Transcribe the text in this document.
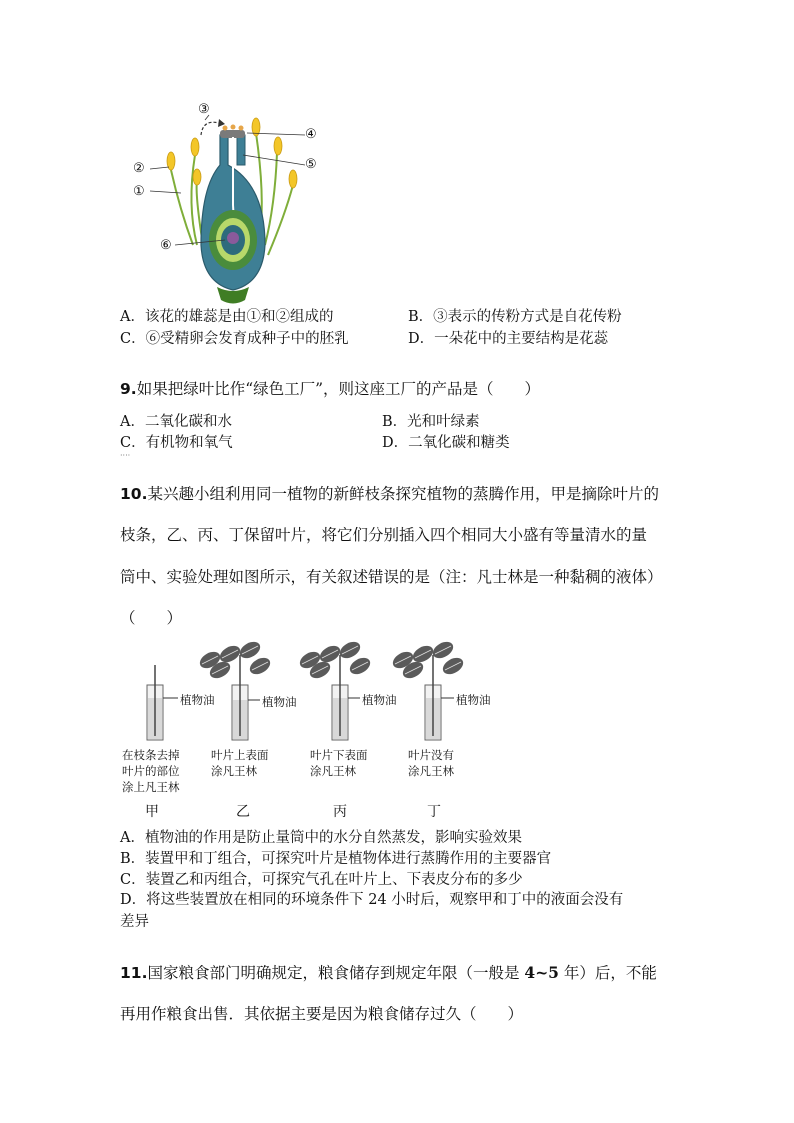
③
②
①
④
⑤
⑥
A．该花的雄蕊是由①和②组成的	B．③表示的传粉方式是自花传粉
C．⑥受精卵会发育成种子中的胚乳	D．一朵花中的主要结构是花蕊
9.如果把绿叶比作“绿色工厂”，则这座工厂的产品是（　　）
A．二氧化碳和水	B．光和叶绿素
C．有机物和氧气	D．二氧化碳和糖类
····
10.某兴趣小组利用同一植物的新鲜枝条探究植物的蒸腾作用，甲是摘除叶片的
枝条，乙、丙、丁保留叶片，将它们分别插入四个相同大小盛有等量清水的量
筒中、实验处理如图所示，有关叙述错误的是（注：凡士林是一种黏稠的液体）
（　　）
植物油	植物油	植物油	植物油
在枝条去掉
叶片的部位
涂上凡王林
叶片上表面
涂凡王林
叶片下表面
涂凡王林
叶片没有
涂凡王林
甲	乙	丙	丁
A．植物油的作用是防止量筒中的水分自然蒸发，影响实验效果
B．装置甲和丁组合，可探究叶片是植物体进行蒸腾作用的主要器官
C．装置乙和丙组合，可探究气孔在叶片上、下表皮分布的多少
D．将这些装置放在相同的环境条件下 24 小时后，观察甲和丁中的液面会没有
差异
11.国家粮食部门明确规定，粮食储存到规定年限（一般是 4~5 年）后，不能
再用作粮食出售．其依据主要是因为粮食储存过久（　　）
